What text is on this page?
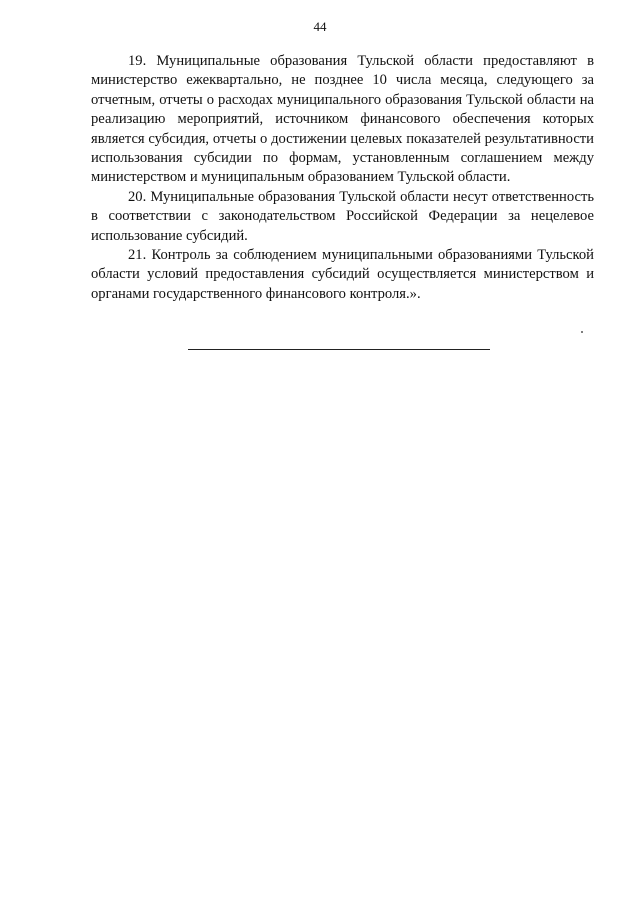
44

19. Муниципальные образования Тульской области предоставляют в министерство ежеквартально, не позднее 10 числа месяца, следующего за отчетным, отчеты о расходах муниципального образования Тульской области на реализацию мероприятий, источником финансового обеспечения которых является субсидия, отчеты о достижении целевых показателей результативности использования субсидии по формам, установленным соглашением между министерством и муниципальным образованием Тульской области.

20. Муниципальные образования Тульской области несут ответственность в соответствии с законодательством Российской Федерации за нецелевое использование субсидий.

21. Контроль за соблюдением муниципальными образованиями Тульской области условий предоставления субсидий осуществляется министерством и органами государственного финансового контроля.».
